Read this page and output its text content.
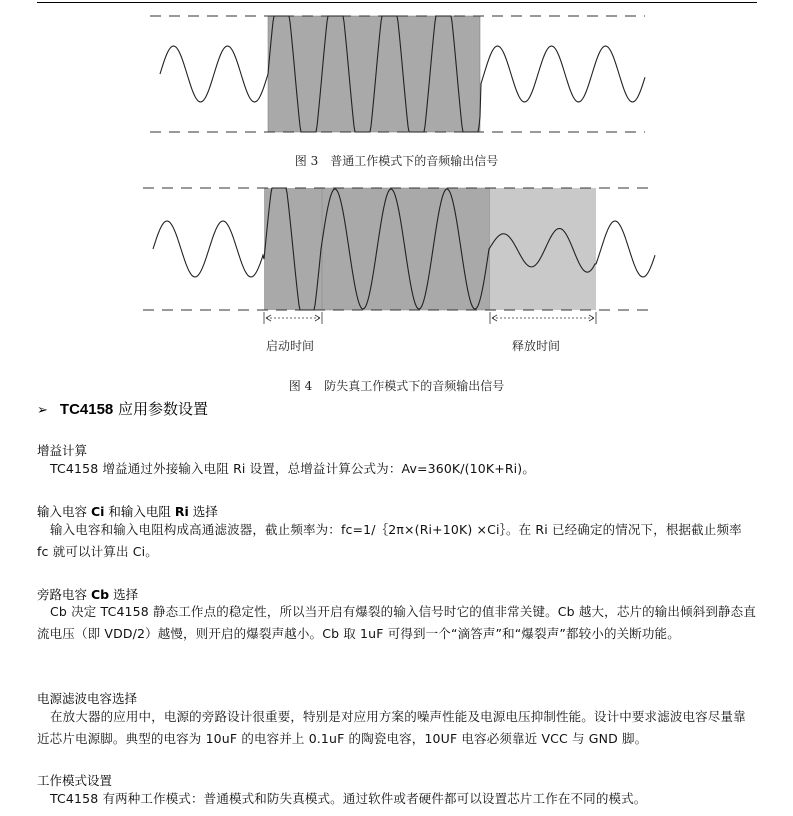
图 3　普通工作模式下的音频输出信号
启动时间	释放时间
图 4　防失真工作模式下的音频输出信号
➢ TC4158 应用参数设置
增益计算
TC4158 增益通过外接输入电阻 Ri 设置，总增益计算公式为：Av=360K/(10K+Ri)。
输入电容 Ci 和输入电阻 Ri 选择
输入电容和输入电阻构成高通滤波器，截止频率为：fc=1/｛2π×(Ri+10K) ×Ci｝。在 Ri 已经确定的情况下，根据截止频率 fc 就可以计算出 Ci。
旁路电容 Cb 选择
Cb 决定 TC4158 静态工作点的稳定性，所以当开启有爆裂的输入信号时它的值非常关键。Cb 越大，芯片的输出倾斜到静态直流电压（即 VDD/2）越慢，则开启的爆裂声越小。Cb 取 1uF 可得到一个“滴答声”和“爆裂声”都较小的关断功能。
电源滤波电容选择
在放大器的应用中，电源的旁路设计很重要，特别是对应用方案的噪声性能及电源电压抑制性能。设计中要求滤波电容尽量靠近芯片电源脚。典型的电容为 10uF 的电容并上 0.1uF 的陶瓷电容，10UF 电容必须靠近 VCC 与 GND 脚。
工作模式设置
TC4158 有两种工作模式：普通模式和防失真模式。通过软件或者硬件都可以设置芯片工作在不同的模式。
